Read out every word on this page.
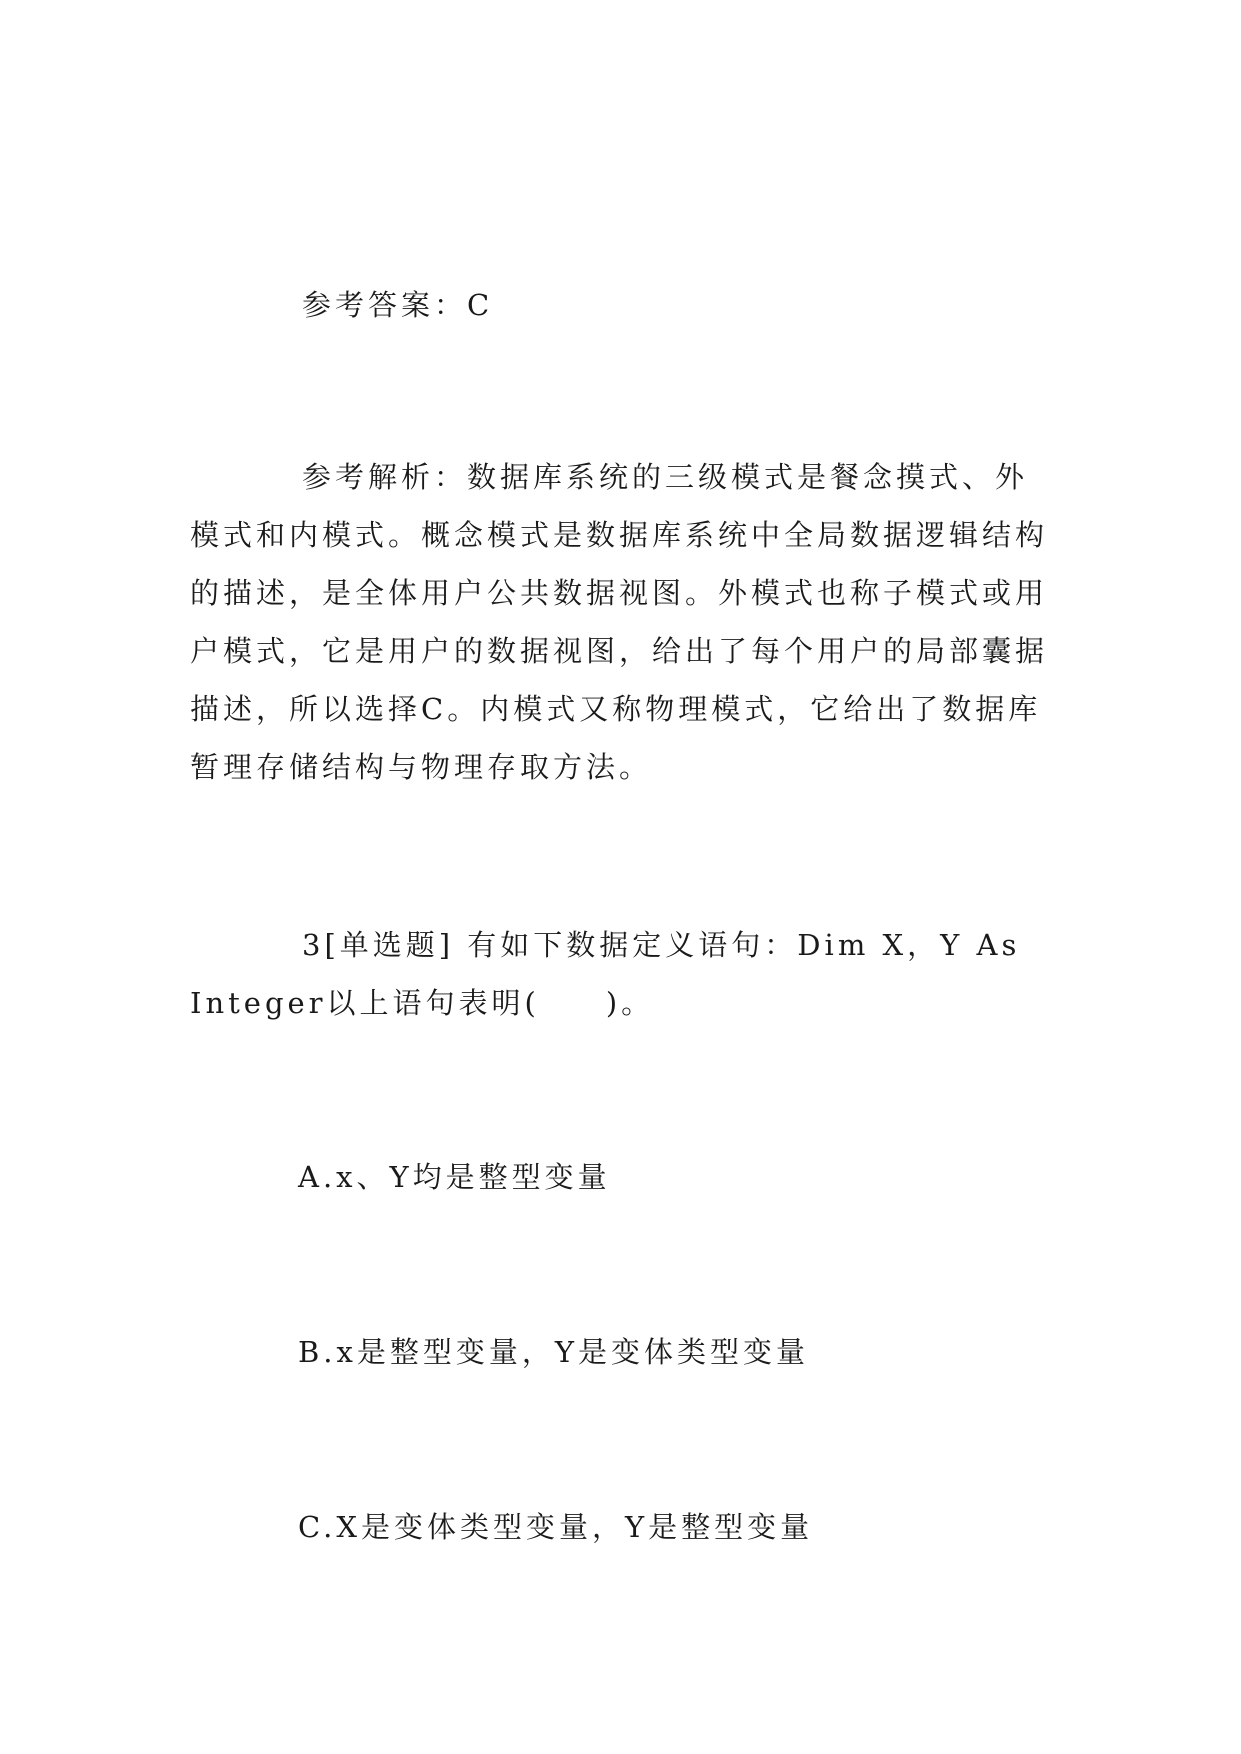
参考答案：C

参考解析：数据库系统的三级模式是餐念摸式、外模式和内模式。概念模式是数据库系统中全局数据逻辑结构的描述，是全体用户公共数据视图。外模式也称子模式或用户模式，它是用户的数据视图，给出了每个用户的局部囊据描述，所以选择C。内模式又称物理模式，它给出了数据库暂理存储结构与物理存取方法。

3[单选题] 有如下数据定义语句：Dim X，Y As Integer以上语句表明(　　)。

A.x、Y均是整型变量

B.x是整型变量，Y是变体类型变量

C.X是变体类型变量，Y是整型变量
